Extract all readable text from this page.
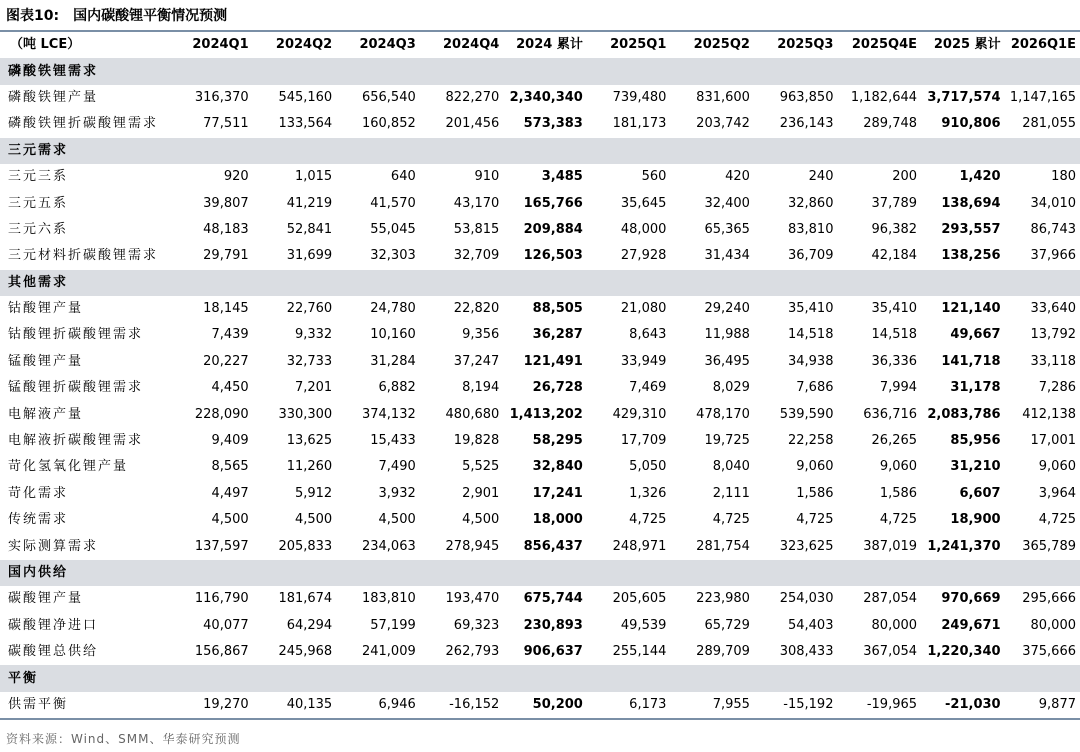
图表10: 国内碳酸锂平衡情况预测
（吨 LCE）	2024Q1	2024Q2	2024Q3	2024Q4	2024 累计	2025Q1	2025Q2	2025Q3	2025Q4E	2025 累计	2026Q1E
磷酸铁锂需求											
磷酸铁锂产量	316,370	545,160	656,540	822,270	2,340,340	739,480	831,600	963,850	1,182,644	3,717,574	1,147,165
磷酸铁锂折碳酸锂需求	77,511	133,564	160,852	201,456	573,383	181,173	203,742	236,143	289,748	910,806	281,055
三元需求											
三元三系	920	1,015	640	910	3,485	560	420	240	200	1,420	180
三元五系	39,807	41,219	41,570	43,170	165,766	35,645	32,400	32,860	37,789	138,694	34,010
三元六系	48,183	52,841	55,045	53,815	209,884	48,000	65,365	83,810	96,382	293,557	86,743
三元材料折碳酸锂需求	29,791	31,699	32,303	32,709	126,503	27,928	31,434	36,709	42,184	138,256	37,966
其他需求											
钴酸锂产量	18,145	22,760	24,780	22,820	88,505	21,080	29,240	35,410	35,410	121,140	33,640
钴酸锂折碳酸锂需求	7,439	9,332	10,160	9,356	36,287	8,643	11,988	14,518	14,518	49,667	13,792
锰酸锂产量	20,227	32,733	31,284	37,247	121,491	33,949	36,495	34,938	36,336	141,718	33,118
锰酸锂折碳酸锂需求	4,450	7,201	6,882	8,194	26,728	7,469	8,029	7,686	7,994	31,178	7,286
电解液产量	228,090	330,300	374,132	480,680	1,413,202	429,310	478,170	539,590	636,716	2,083,786	412,138
电解液折碳酸锂需求	9,409	13,625	15,433	19,828	58,295	17,709	19,725	22,258	26,265	85,956	17,001
苛化氢氧化锂产量	8,565	11,260	7,490	5,525	32,840	5,050	8,040	9,060	9,060	31,210	9,060
苛化需求	4,497	5,912	3,932	2,901	17,241	1,326	2,111	1,586	1,586	6,607	3,964
传统需求	4,500	4,500	4,500	4,500	18,000	4,725	4,725	4,725	4,725	18,900	4,725
实际测算需求	137,597	205,833	234,063	278,945	856,437	248,971	281,754	323,625	387,019	1,241,370	365,789
国内供给											
碳酸锂产量	116,790	181,674	183,810	193,470	675,744	205,605	223,980	254,030	287,054	970,669	295,666
碳酸锂净进口	40,077	64,294	57,199	69,323	230,893	49,539	65,729	54,403	80,000	249,671	80,000
碳酸锂总供给	156,867	245,968	241,009	262,793	906,637	255,144	289,709	308,433	367,054	1,220,340	375,666
平衡											
供需平衡	19,270	40,135	6,946	-16,152	50,200	6,173	7,955	-15,192	-19,965	-21,030	9,877
资料来源：Wind、SMM、华泰研究预测
